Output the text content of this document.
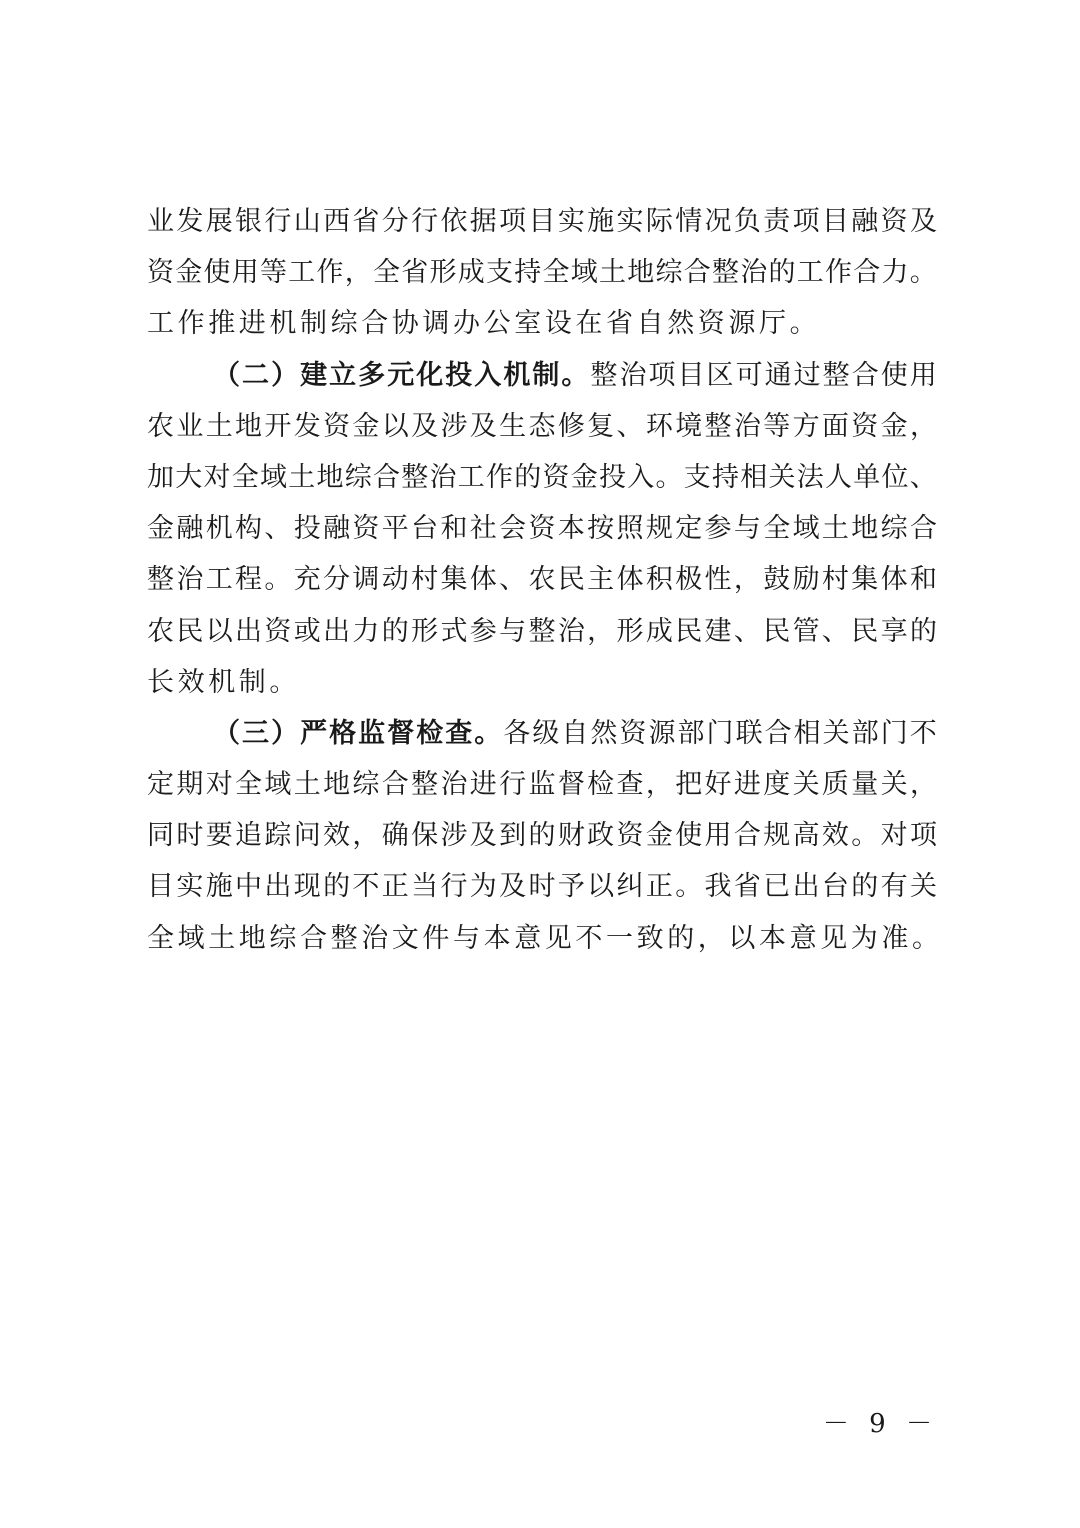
业 发 展 银 行 山 西 省 分 行 依 据 项 目 实 施 实 际 情 况 负 责 项 目 融 资 及
资 金 使 用 等 工 作 ， 全 省 形 成 支 持 全 域 土 地 综 合 整 治 的 工 作 合 力 。
工作推进机制综合协调办公室设在省自然资源厅。
（ 二 ） 建 立 多 元 化 投 入 机 制 。 整 治 项 目 区 可 通 过 整 合 使 用
农 业 土 地 开 发 资 金 以 及 涉 及 生 态 修 复 、 环 境 整 治 等 方 面 资 金 ，
加 大 对 全 域 土 地 综 合 整 治 工 作 的 资 金 投 入 。 支 持 相 关 法 人 单 位 、
金 融 机 构 、 投 融 资 平 台 和 社 会 资 本 按 照 规 定 参 与 全 域 土 地 综 合
整 治 工 程 。 充 分 调 动 村 集 体 、 农 民 主 体 积 极 性 ， 鼓 励 村 集 体 和
农 民 以 出 资 或 出 力 的 形 式 参 与 整 治 ， 形 成 民 建 、 民 管 、 民 享 的
长效机制。
（ 三 ） 严 格 监 督 检 查 。 各 级 自 然 资 源 部 门 联 合 相 关 部 门 不
定 期 对 全 域 土 地 综 合 整 治 进 行 监 督 检 查 ， 把 好 进 度 关 质 量 关 ，
同 时 要 追 踪 问 效 ， 确 保 涉 及 到 的 财 政 资 金 使 用 合 规 高 效 。 对 项
目 实 施 中 出 现 的 不 正 当 行 为 及 时 予 以 纠 正 。 我 省 已 出 台 的 有 关
全域土地综合整治文件与本意见不一致的，以本意见为准。
－ 9 －
